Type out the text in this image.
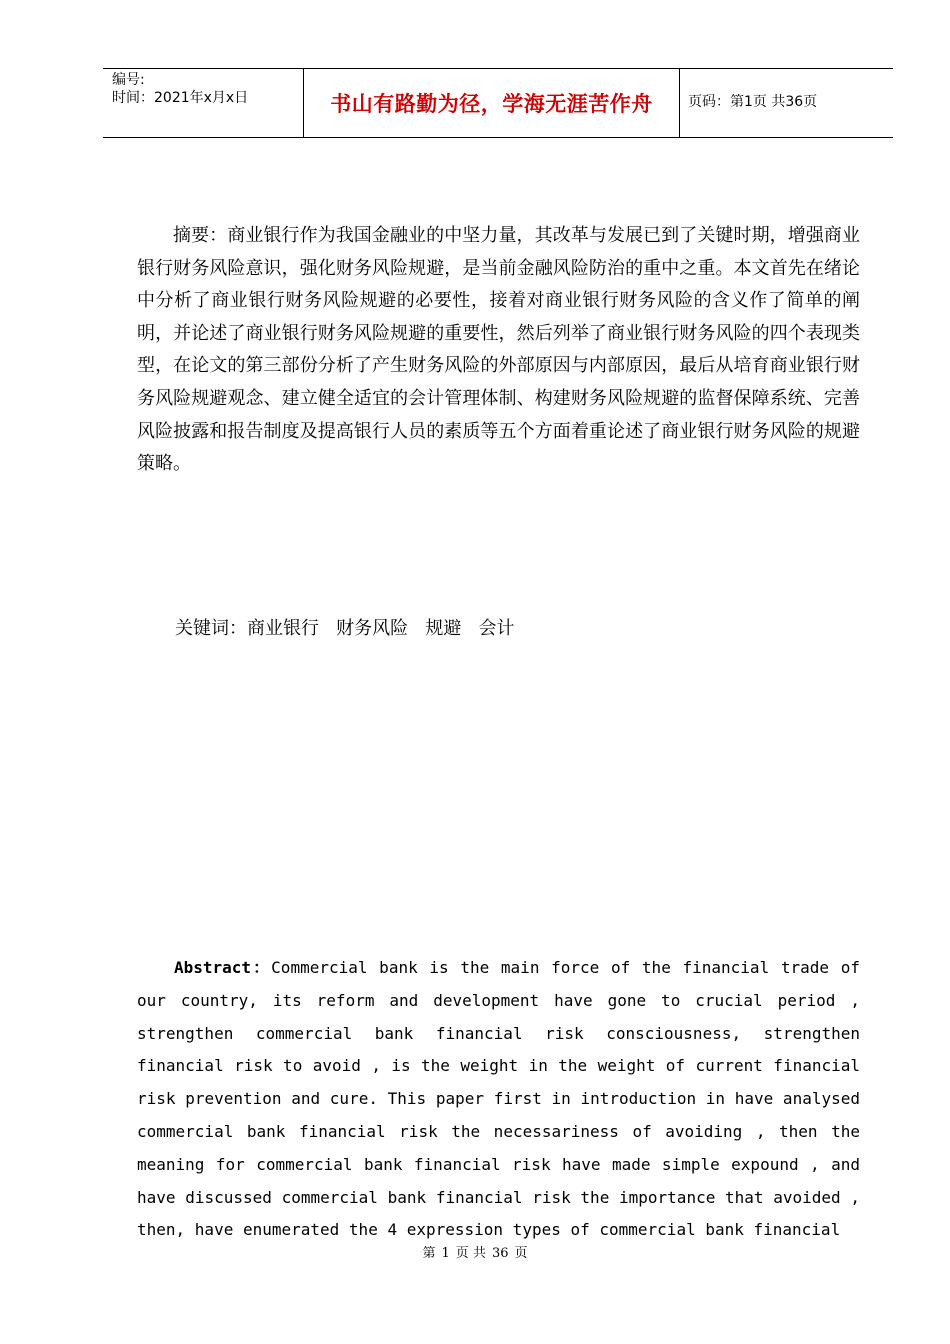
编号:
时间：2021年x月x日	书山有路勤为径，学海无涯苦作舟	页码：第1页 共36页

摘要：商业银行作为我国金融业的中坚力量，其改革与发展已到了关键时期，增强商业银行财务风险意识，强化财务风险规避，是当前金融风险防治的重中之重。本文首先在绪论中分析了商业银行财务风险规避的必要性，接着对商业银行财务风险的含义作了简单的阐明，并论述了商业银行财务风险规避的重要性，然后列举了商业银行财务风险的四个表现类型，在论文的第三部份分析了产生财务风险的外部原因与内部原因，最后从培育商业银行财务风险规避观念、建立健全适宜的会计管理体制、构建财务风险规避的监督保障系统、完善风险披露和报告制度及提高银行人员的素质等五个方面着重论述了商业银行财务风险的规避策略。

关键词：商业银行   财务风险   规避   会计

Abstract：Commercial bank is the main force of the financial trade of our country, its reform and development have gone to crucial period , strengthen commercial bank financial risk consciousness, strengthen financial risk to avoid , is the weight in the weight of current financial risk prevention and cure. This paper first in introduction in have analysed commercial bank financial risk the necessariness of avoiding , then the meaning for commercial bank financial risk have made simple expound , and have discussed commercial bank financial risk the importance that avoided , then, have enumerated the 4 expression types of commercial bank financial

第 1 页 共 36 页
